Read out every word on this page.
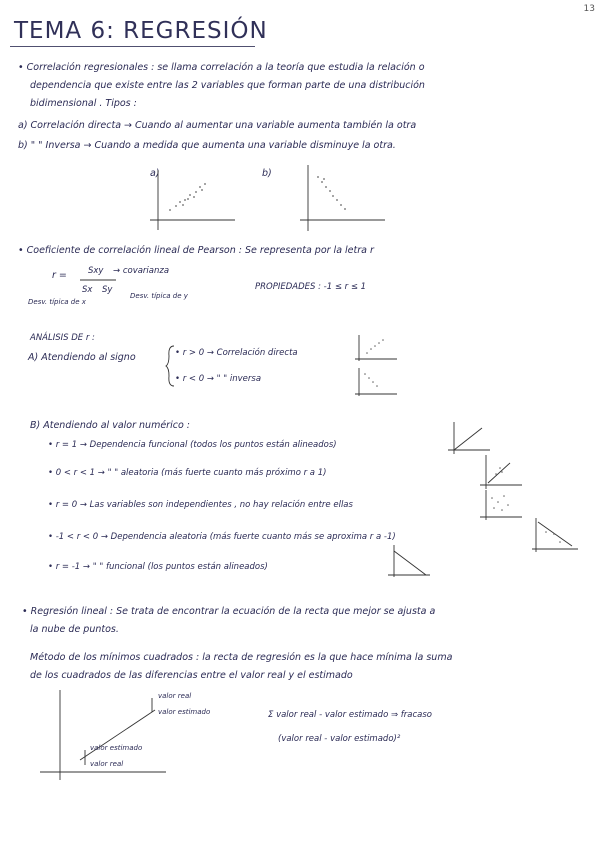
13
TEMA 6: REGRESIÓN
• Correlación regresionales : se llama correlación a la teoría que estudia la relación o
dependencia que existe entre las 2 variables que forman parte de una distribución
bidimensional . Tipos :
a) Correlación directa → Cuando al aumentar una variable aumenta también la otra
b) " " Inversa → Cuando a medida que aumenta una variable disminuye la otra.
a)	b)
• Coeficiente de correlación lineal de Pearson : Se representa por la letra r
r = Sxy → covarianza
Sx Sy
Desv. típica de x
Desv. típica de y
PROPIEDADES : -1 ≤ r ≤ 1
ANÁLISIS DE r :
A) Atendiendo al signo	• r > 0 → Correlación directa
• r < 0 → " " inversa
B) Atendiendo al valor numérico :
• r = 1 → Dependencia funcional (todos los puntos están alineados)
• 0 < r < 1 → " " aleatoria (más fuerte cuanto más próximo r a 1)
• r = 0 → Las variables son independientes , no hay relación entre ellas
• -1 < r < 0 → Dependencia aleatoria (más fuerte cuanto más se aproxima r a -1)
• r = -1 → " " funcional (los puntos están alineados)
• Regresión lineal : Se trata de encontrar la ecuación de la recta que mejor se ajusta a
la nube de puntos.
Método de los mínimos cuadrados : la recta de regresión es la que hace mínima la suma
de los cuadrados de las diferencias entre el valor real y el estimado
valor real
valor estimado
valor estimado
valor real
Σ valor real - valor estimado ⇒ fracaso
(valor real - valor estimado)²
